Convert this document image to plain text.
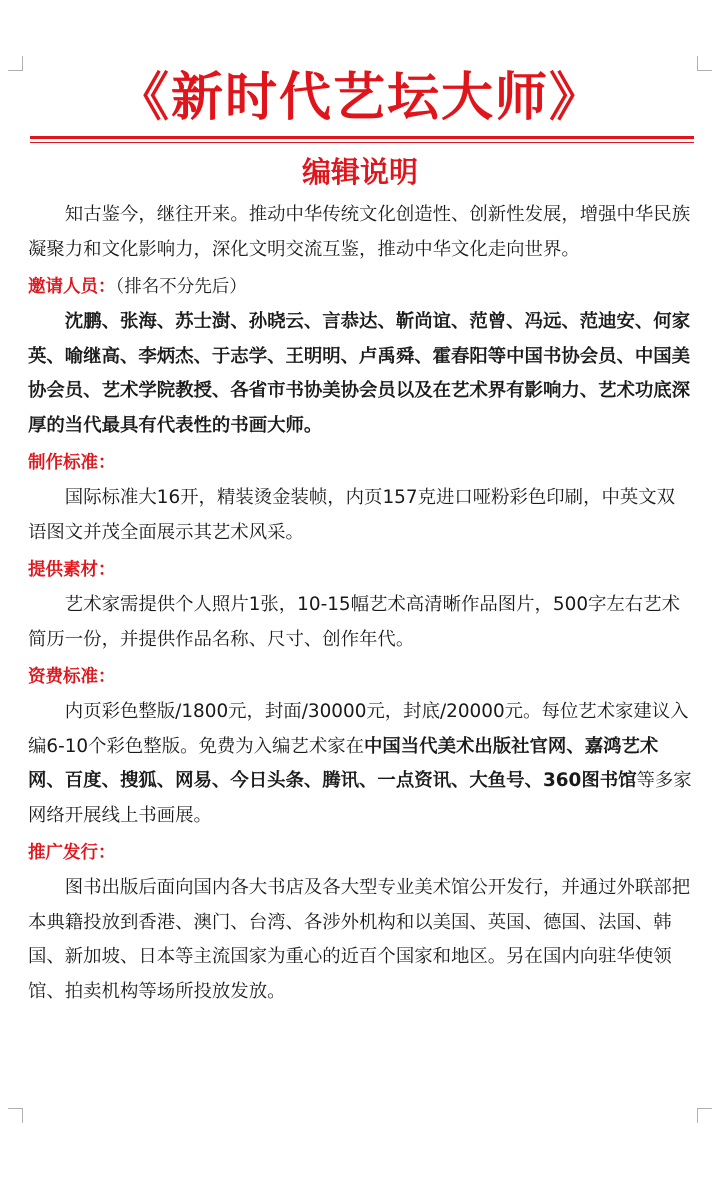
《新时代艺坛大师》
编辑说明

知古鉴今，继往开来。推动中华传统文化创造性、创新性发展，增强中华民族凝聚力和文化影响力，深化文明交流互鉴，推动中华文化走向世界。

邀请人员：（排名不分先后）

沈鹏、张海、苏士澍、孙晓云、言恭达、靳尚谊、范曾、冯远、范迪安、何家英、喻继高、李炳杰、于志学、王明明、卢禹舜、霍春阳等中国书协会员、中国美协会员、艺术学院教授、各省市书协美协会员以及在艺术界有影响力、艺术功底深厚的当代最具有代表性的书画大师。

制作标准：

国际标准大16开，精装烫金装帧，内页157克进口哑粉彩色印刷，中英文双语图文并茂全面展示其艺术风采。

提供素材：

艺术家需提供个人照片1张，10-15幅艺术高清晰作品图片，500字左右艺术简历一份，并提供作品名称、尺寸、创作年代。

资费标准：

内页彩色整版/1800元，封面/30000元，封底/20000元。每位艺术家建议入编6-10个彩色整版。免费为入编艺术家在中国当代美术出版社官网、嘉鸿艺术网、百度、搜狐、网易、今日头条、腾讯、一点资讯、大鱼号、360图书馆等多家网络开展线上书画展。

推广发行：

图书出版后面向国内各大书店及各大型专业美术馆公开发行，并通过外联部把本典籍投放到香港、澳门、台湾、各涉外机构和以美国、英国、德国、法国、韩国、新加坡、日本等主流国家为重心的近百个国家和地区。另在国内向驻华使领馆、拍卖机构等场所投放发放。
